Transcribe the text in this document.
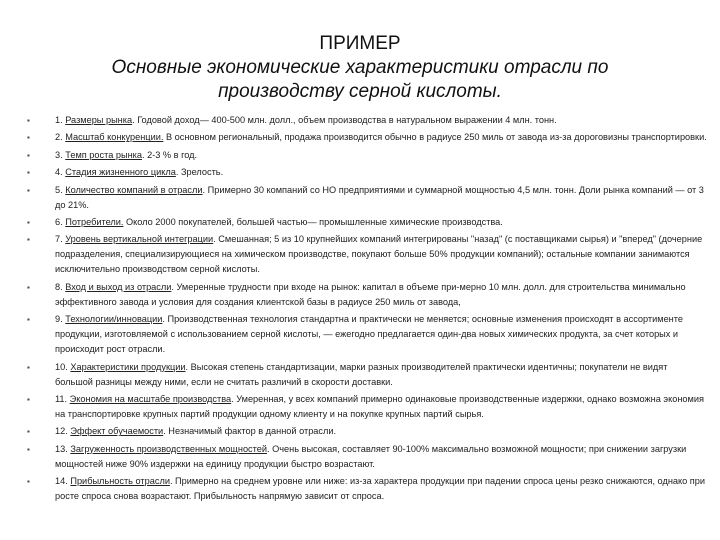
ПРИМЕР
Основные экономические характеристики отрасли по производству серной кислоты.
▪	1. Размеры рынка. Годовой доход— 400-500 млн. долл., объем производства в натуральном выражении 4 млн. тонн.
▪	2. Масштаб конкуренции. В основном региональный, продажа производится обычно в радиусе 250 миль от завода из-за дороговизны транспортировки.
▪	3. Темп роста рынка. 2-3 % в год.
▪	4. Стадия жизненного цикла. Зрелость.
▪	5. Количество компаний в отрасли. Примерно 30 компаний со НО предприятиями и суммарной мощностью 4,5 млн. тонн. Доли рынка компаний — от 3 до 21%.
▪	6. Потребители. Около 2000 покупателей, большей частью— промышленные химические производства.
▪	7. Уровень вертикальной интеграции. Смешанная; 5 из 10 крупнейших компаний интегрированы "назад" (с поставщиками сырья) и "вперед" (дочерние подразделения, специализирующиеся на химическом производстве, покупают больше 50% продукции компаний); остальные компании занимаются исключительно производством серной кислоты.
▪	8. Вход и выход из отрасли. Умеренные трудности при входе на рынок: капитал в объеме при-мерно 10 млн. долл. для строительства минимально эффективного завода и условия для создания клиентской базы в радиусе 250 миль от завода,
▪	9. Технологии/инновации. Производственная технология стандартна и практически не меняется; основные изменения происходят в ассортименте продукции, изготовляемой с использованием серной кислоты, — ежегодно предлагается один-два новых химических продукта, за счет которых и происходит рост отрасли.
▪	10. Характеристики продукции. Высокая степень стандартизации, марки разных производителей практически идентичны; покупатели не видят большой разницы между ними, если не считать различий в скорости доставки.
▪	11. Экономия на масштабе производства. Умеренная, у всех компаний примерно одинаковые производственные издержки, однако возможна экономия на транспортировке крупных партий продукции одному клиенту и на покупке крупных партий сырья.
▪	12. Эффект обучаемости. Незначимый фактор в данной отрасли.
▪	13. Загруженность производственных мощностей. Очень высокая, составляет 90-100% максимально возможной мощности; при снижении загрузки мощностей ниже 90% издержки на единицу продукции быстро возрастают.
▪	14. Прибыльность отрасли. Примерно на среднем уровне или ниже: из-за характера продукции при падении спроса цены резко снижаются, однако при росте спроса снова возрастают. Прибыльность напрямую зависит от спроса.
